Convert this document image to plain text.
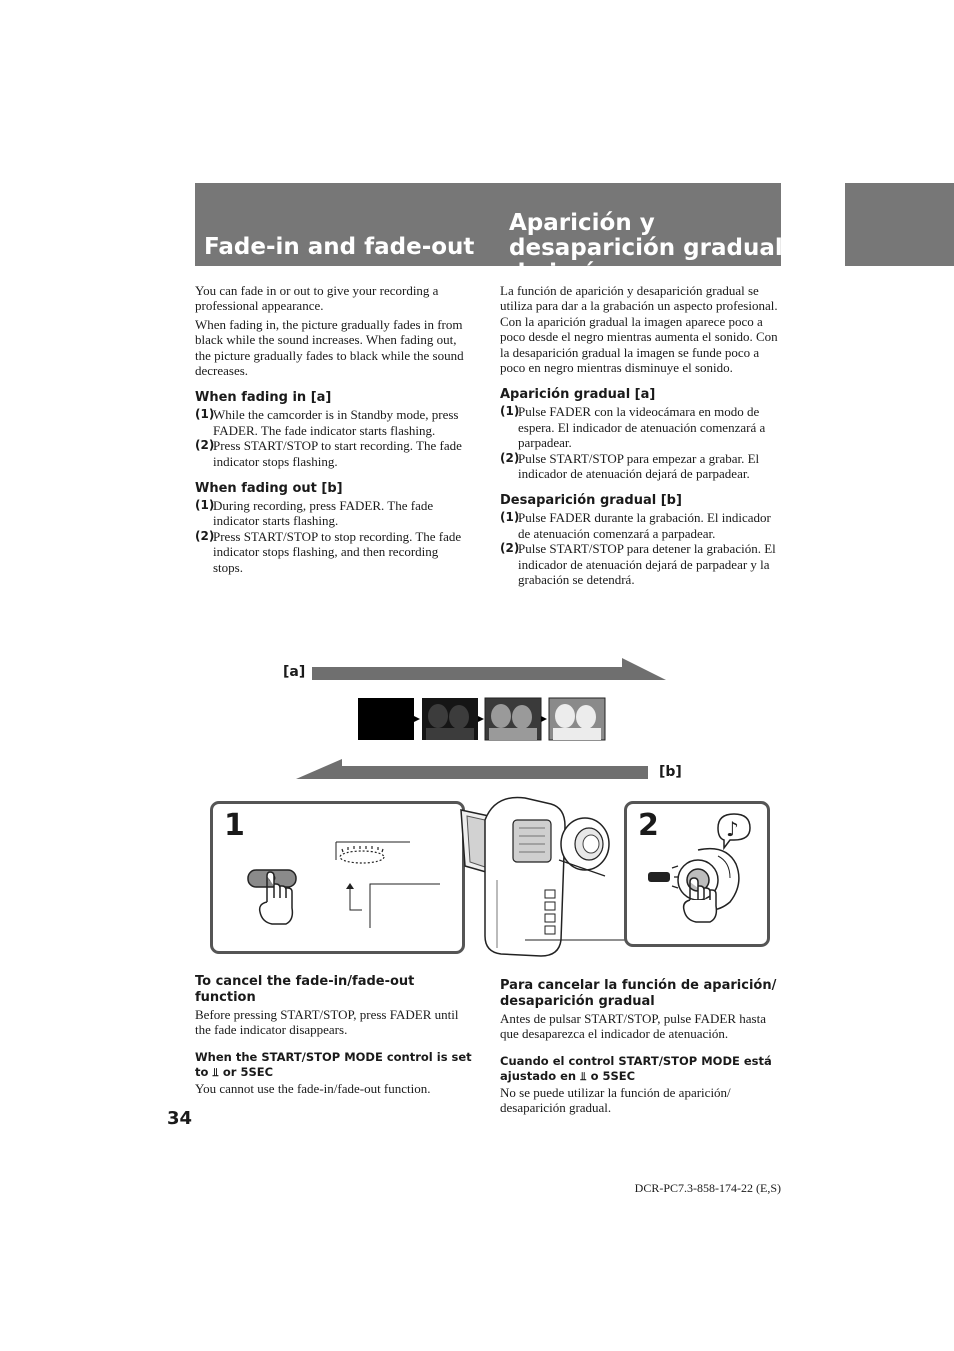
Fade-in and fade-out
Aparición y desaparición gradual de imágenes

You can fade in or out to give your recording a professional appearance.

When fading in, the picture gradually fades in from black while the sound increases. When fading out, the picture gradually fades to black while the sound decreases.

When fading in [a]
(1)
While the camcorder is in Standby mode, press FADER. The fade indicator starts flashing.
(2)
Press START/STOP to start recording. The fade indicator stops flashing.
When fading out [b]
(1)
During recording, press FADER. The fade indicator starts flashing.
(2)
Press START/STOP to stop recording. The fade indicator stops flashing, and then recording stops.

La función de aparición y desaparición gradual se utiliza para dar a la grabación un aspecto profesional.

Con la aparición gradual la imagen aparece poco a poco desde el negro mientras aumenta el sonido. Con la desaparición gradual la imagen se funde poco a poco en negro mientras disminuye el sonido.

Aparición gradual [a]
(1)
Pulse FADER con la videocámara en modo de espera. El indicador de atenuación comenzará a parpadear.
(2)
Pulse START/STOP para empezar a grabar. El indicador de atenuación dejará de parpadear.
Desaparición gradual [b]
(1)
Pulse FADER durante la grabación. El indicador de atenuación comenzará a parpadear.
(2)
Pulse START/STOP para detener la grabación. El indicador de atenuación dejará de parpadear y la grabación se detendrá.
[a]
[b]
1	2	♪
To cancel the fade-in/fade-out function

Before pressing START/STOP, press FADER until the fade indicator disappears.

When the START/STOP MODE control is set to ⫫ or 5SEC

You cannot use the fade-in/fade-out function.

Para cancelar la función de aparición/ desaparición gradual

Antes de pulsar START/STOP, pulse FADER hasta que desaparezca el indicador de atenuación.

Cuando el control START/STOP MODE está ajustado en ⫫ o 5SEC

No se puede utilizar la función de aparición/ desaparición gradual.

34
DCR-PC7.3-858-174-22 (E,S)
